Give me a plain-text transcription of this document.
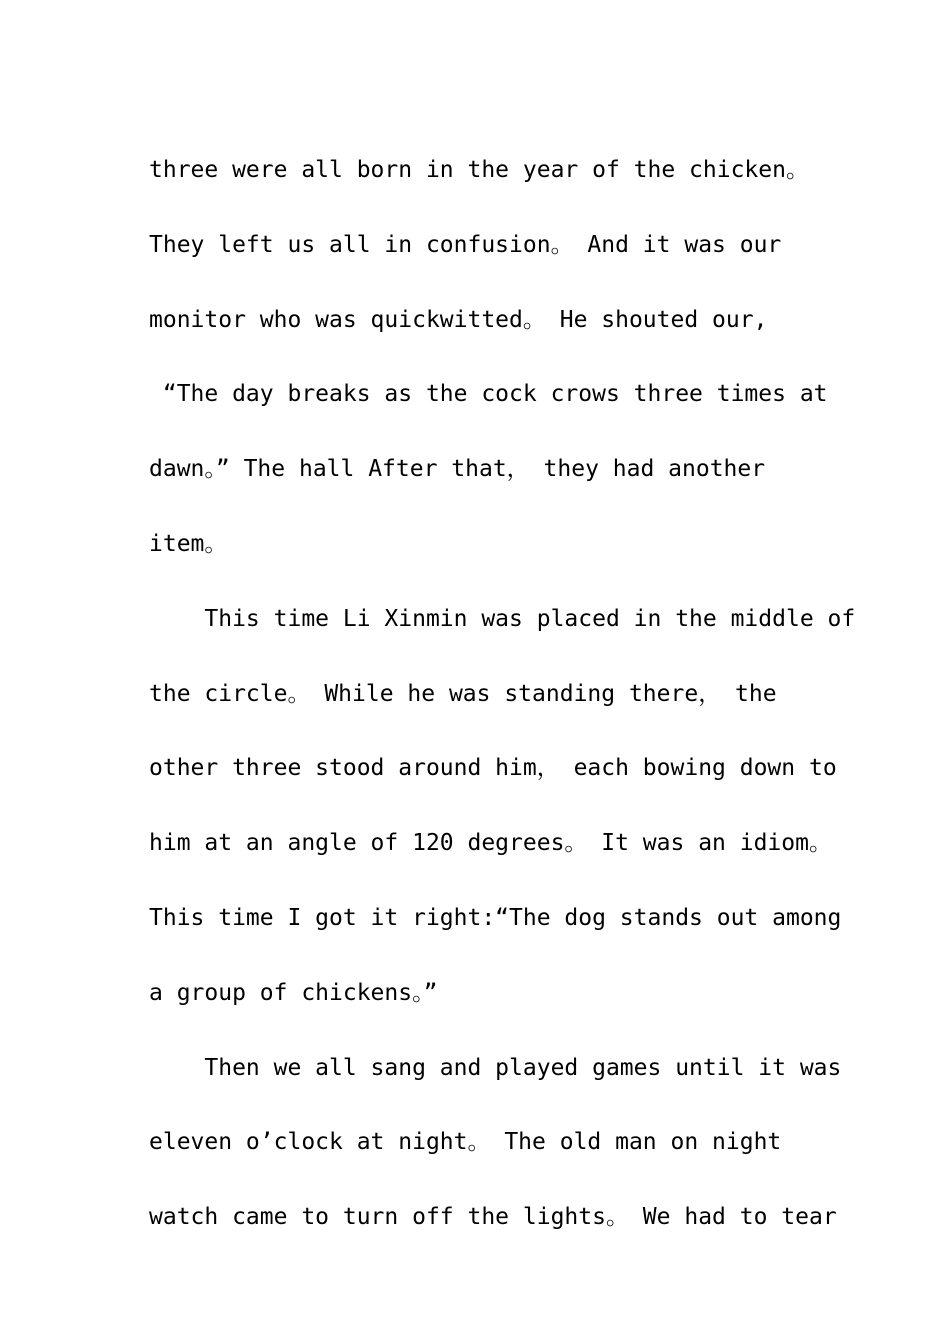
three were all born in the year of the chicken。
They left us all in confusion。 And it was our
monitor who was quickwitted。 He shouted our,
“The day breaks as the cock crows three times at
dawn。” The hall After that， they had another
item。
This time Li Xinmin was placed in the middle of
the circle。 While he was standing there， the
other three stood around him， each bowing down to
him at an angle of 120 degrees。 It was an idiom。
This time I got it right:“The dog stands out among
a group of chickens。”
Then we all sang and played games until it was
eleven o’clock at night。 The old man on night
watch came to turn off the lights。 We had to tear
